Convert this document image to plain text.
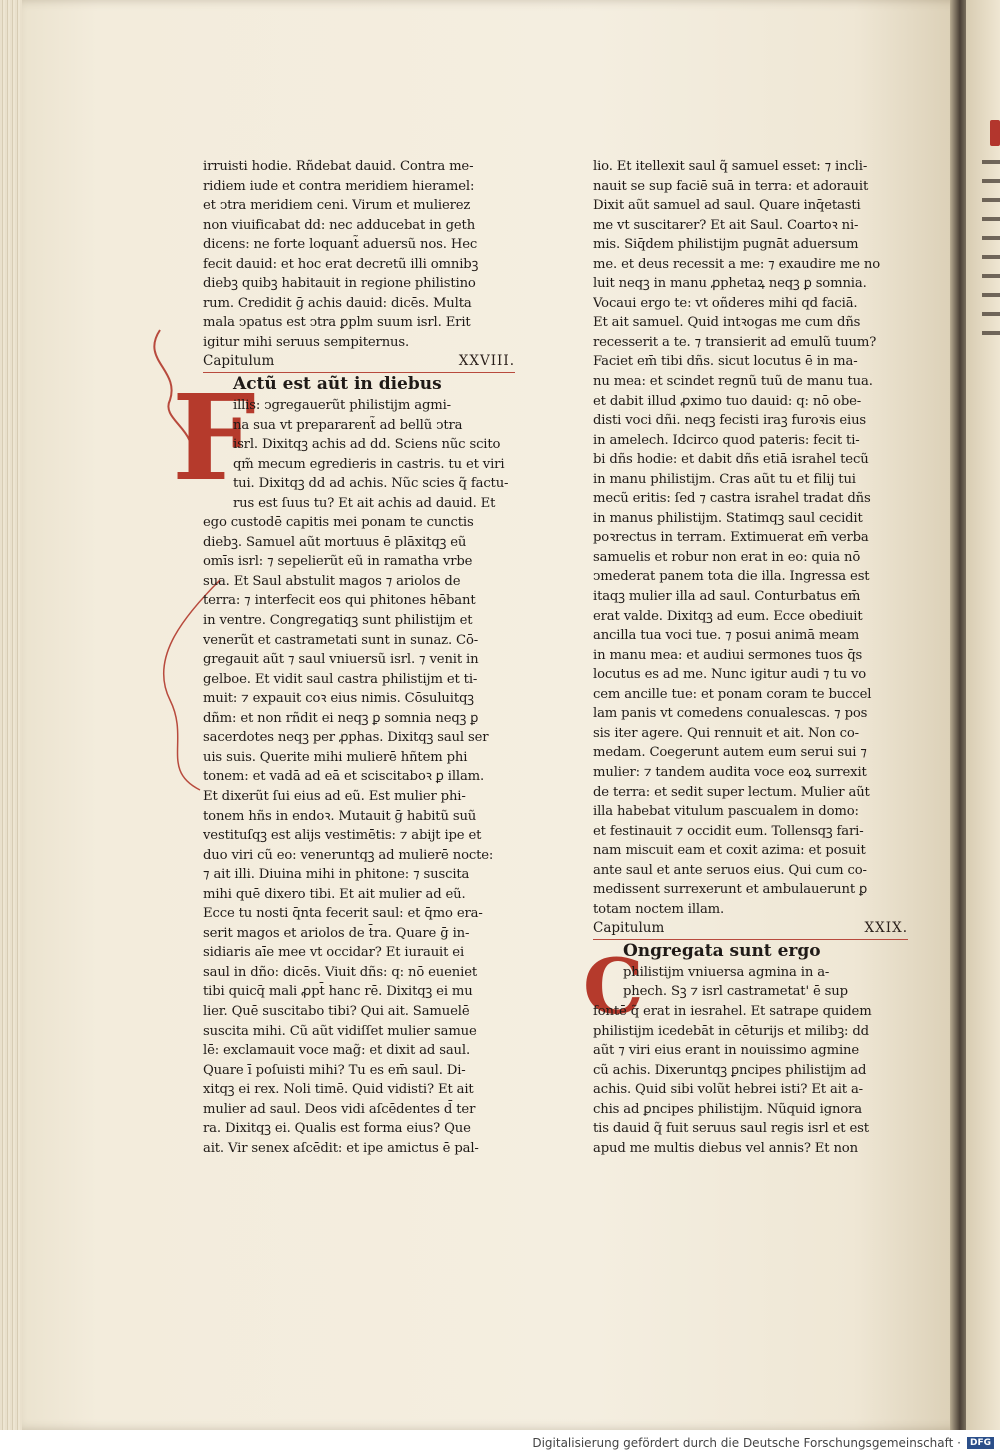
F
C
irruisti hodie. Rñdebat dauid. Contra me-
ridiem iude et contra meridiem hieramel:
et ↄtra meridiem ceni. Virum et mulierez
non viuificabat dd: nec adducebat in geth
dicens: ne forte loquant̃ aduersũ nos. Hec
fecit dauid: et hoc erat decretũ illi omnibꝫ
diebꝫ quibꝫ habitauit in regione philistino
rum. Credidit ḡ achis dauid: dicēs. Multa
mala ↄpatus est ↄtra ꝑplm suum isrl. Erit
igitur mihi seruus sempiternus.
Capitulum	XXVIII.
Actũ est aũt in diebus
illis: ↄgregauerũt philistijm agmi-
na sua vt prepararent̃ ad bellũ ↄtra
isrl. Dixitqꝫ achis ad dd. Sciens nũc scito
qm̃ mecum egredieris in castris. tu et viri
tui. Dixitqꝫ dd ad achis. Nũc scies q̃ factu-
rus est ſuus tu? Et ait achis ad dauid. Et
ego custodē capitis mei ponam te cunctis
diebꝫ. Samuel aũt mortuus ē plāxitqꝫ eũ
omīs isrl: ⁊ sepelierũt eũ in ramatha vrbe
sua. Et Saul abstulit magos ⁊ ariolos de
terra: ⁊ interfecit eos qui phitones hēbant
in ventre. Congregatiqꝫ sunt philistijm et
venerũt et castrametati sunt in sunaz. Cō-
gregauit aũt ⁊ saul vniuersũ isrl. ⁊ venit in
gelboe. Et vidit saul castra philistijm et ti-
muit: ⁊ expauit coꝛ eius nimis. Cōsuluitqꝫ
dñm: et non rñdit ei neqꝫ ꝑ somnia neqꝫ ꝑ
sacerdotes neqꝫ per ꝓphas. Dixitqꝫ saul ser
uis suis. Querite mihi mulierē hñtem phi
tonem: et vadā ad eā et sciscitaboꝛ ꝑ illam.
Et dixerũt ſui eius ad eũ. Est mulier phi-
tonem hñs in endoꝛ. Mutauit ḡ habitũ suũ
vestituſqꝫ est alijs vestimētis: ⁊ abijt ipe et
duo viri cũ eo: veneruntqꝫ ad mulierē nocte:
⁊ ait illi. Diuina mihi in phitone: ⁊ suscita
mihi quē dixero tibi. Et ait mulier ad eũ.
Ecce tu nosti q̄nta fecerit saul: et q̄mo era-
serit magos et ariolos de t̄ra. Quare ḡ in-
sidiaris aīe mee vt occidar? Et iurauit ei
saul in dño: dicēs. Viuit dñs: q: nō eueniet
tibi quicq̄ mali ꝓpt̄ hanc rē. Dixitqꝫ ei mu
lier. Quē suscitabo tibi? Qui ait. Samuelē
suscita mihi. Cũ aũt vidiſſet mulier samue
lē: exclamauit voce mag̃: et dixit ad saul.
Quare ī poſuisti mihi? Tu es em̄ saul. Di-
xitqꝫ ei rex. Noli timē. Quid vidisti? Et ait
mulier ad saul. Deos vidi aſcēdentes d̄ ter
ra. Dixitqꝫ ei. Qualis est forma eius? Que
ait. Vir senex aſcēdit: et ipe amictus ē pal-
lio. Et itellexit saul q̃ samuel esset: ⁊ incli-
nauit se sup faciē suā in terra: et adorauit
Dixit aũt samuel ad saul. Quare inq̄etasti
me vt suscitarer? Et ait Saul. Coartoꝛ ni-
mis. Siq̄dem philistijm pugnāt aduersum
me. et deus recessit a me: ⁊ exaudire me no
luit neqꝫ in manu ꝓphetaꝝ neqꝫ ꝑ somnia.
Vocaui ergo te: vt oñderes mihi qd faciā.
Et ait samuel. Quid intꝛogas me cum dñs
recesserit a te. ⁊ transierit ad emulũ tuum?
Faciet em̄ tibi dñs. sicut locutus ē in ma-
nu mea: et scindet regnũ tuũ de manu tua.
et dabit illud ꝓximo tuo dauid: q: nō obe-
disti voci dñi. neqꝫ fecisti iraꝫ furoꝛis eius
in amelech. Idcirco quod pateris: fecit ti-
bi dñs hodie: et dabit dñs etiā israhel tecũ
in manu philistijm. Cras aũt tu et filij tui
mecũ eritis: ſed ⁊ castra israhel tradat dñs
in manus philistijm. Statimqꝫ saul cecidit
poꝛrectus in terram. Extimuerat em̄ verba
samuelis et robur non erat in eo: quia nō
ↄmederat panem tota die illa. Ingressa est
itaqꝫ mulier illa ad saul. Conturbatus em̄
erat valde. Dixitqꝫ ad eum. Ecce obediuit
ancilla tua voci tue. ⁊ posui animā meam
in manu mea: et audiui sermones tuos q̄s
locutus es ad me. Nunc igitur audi ⁊ tu vo
cem ancille tue: et ponam coram te buccel
lam panis vt comedens conualescas. ⁊ pos
sis iter agere. Qui rennuit et ait. Non co-
medam. Coegerunt autem eum serui sui ⁊
mulier: ⁊ tandem audita voce eoꝝ surrexit
de terra: et sedit super lectum. Mulier aũt
illa habebat vitulum pascualem in domo:
et festinauit ⁊ occidit eum. Tollensqꝫ fari-
nam miscuit eam et coxit azima: et posuit
ante saul et ante seruos eius. Qui cum co-
medissent surrexerunt et ambulauerunt ꝑ
totam noctem illam.
Capitulum	XXIX.
Ongregata sunt ergo
philistijm vniuersa agmina in a-
phech. Sꝫ ⁊ isrl castrametat' ē sup
fontē q̃ erat in iesrahel. Et satrape quidem
philistijm icedebāt in cēturijs et milibꝫ: dd
aũt ⁊ viri eius erant in nouissimo agmine
cũ achis. Dixeruntqꝫ ꝑncipes philistijm ad
achis. Quid sibi volũt hebrei isti? Et ait a-
chis ad ꝑncipes philistijm. Nũquid ignora
tis dauid q̃ fuit seruus saul regis isrl et est
apud me multis diebus vel annis? Et non
Digitalisierung gefördert durch die Deutsche Forschungsgemeinschaft ·	DFG
